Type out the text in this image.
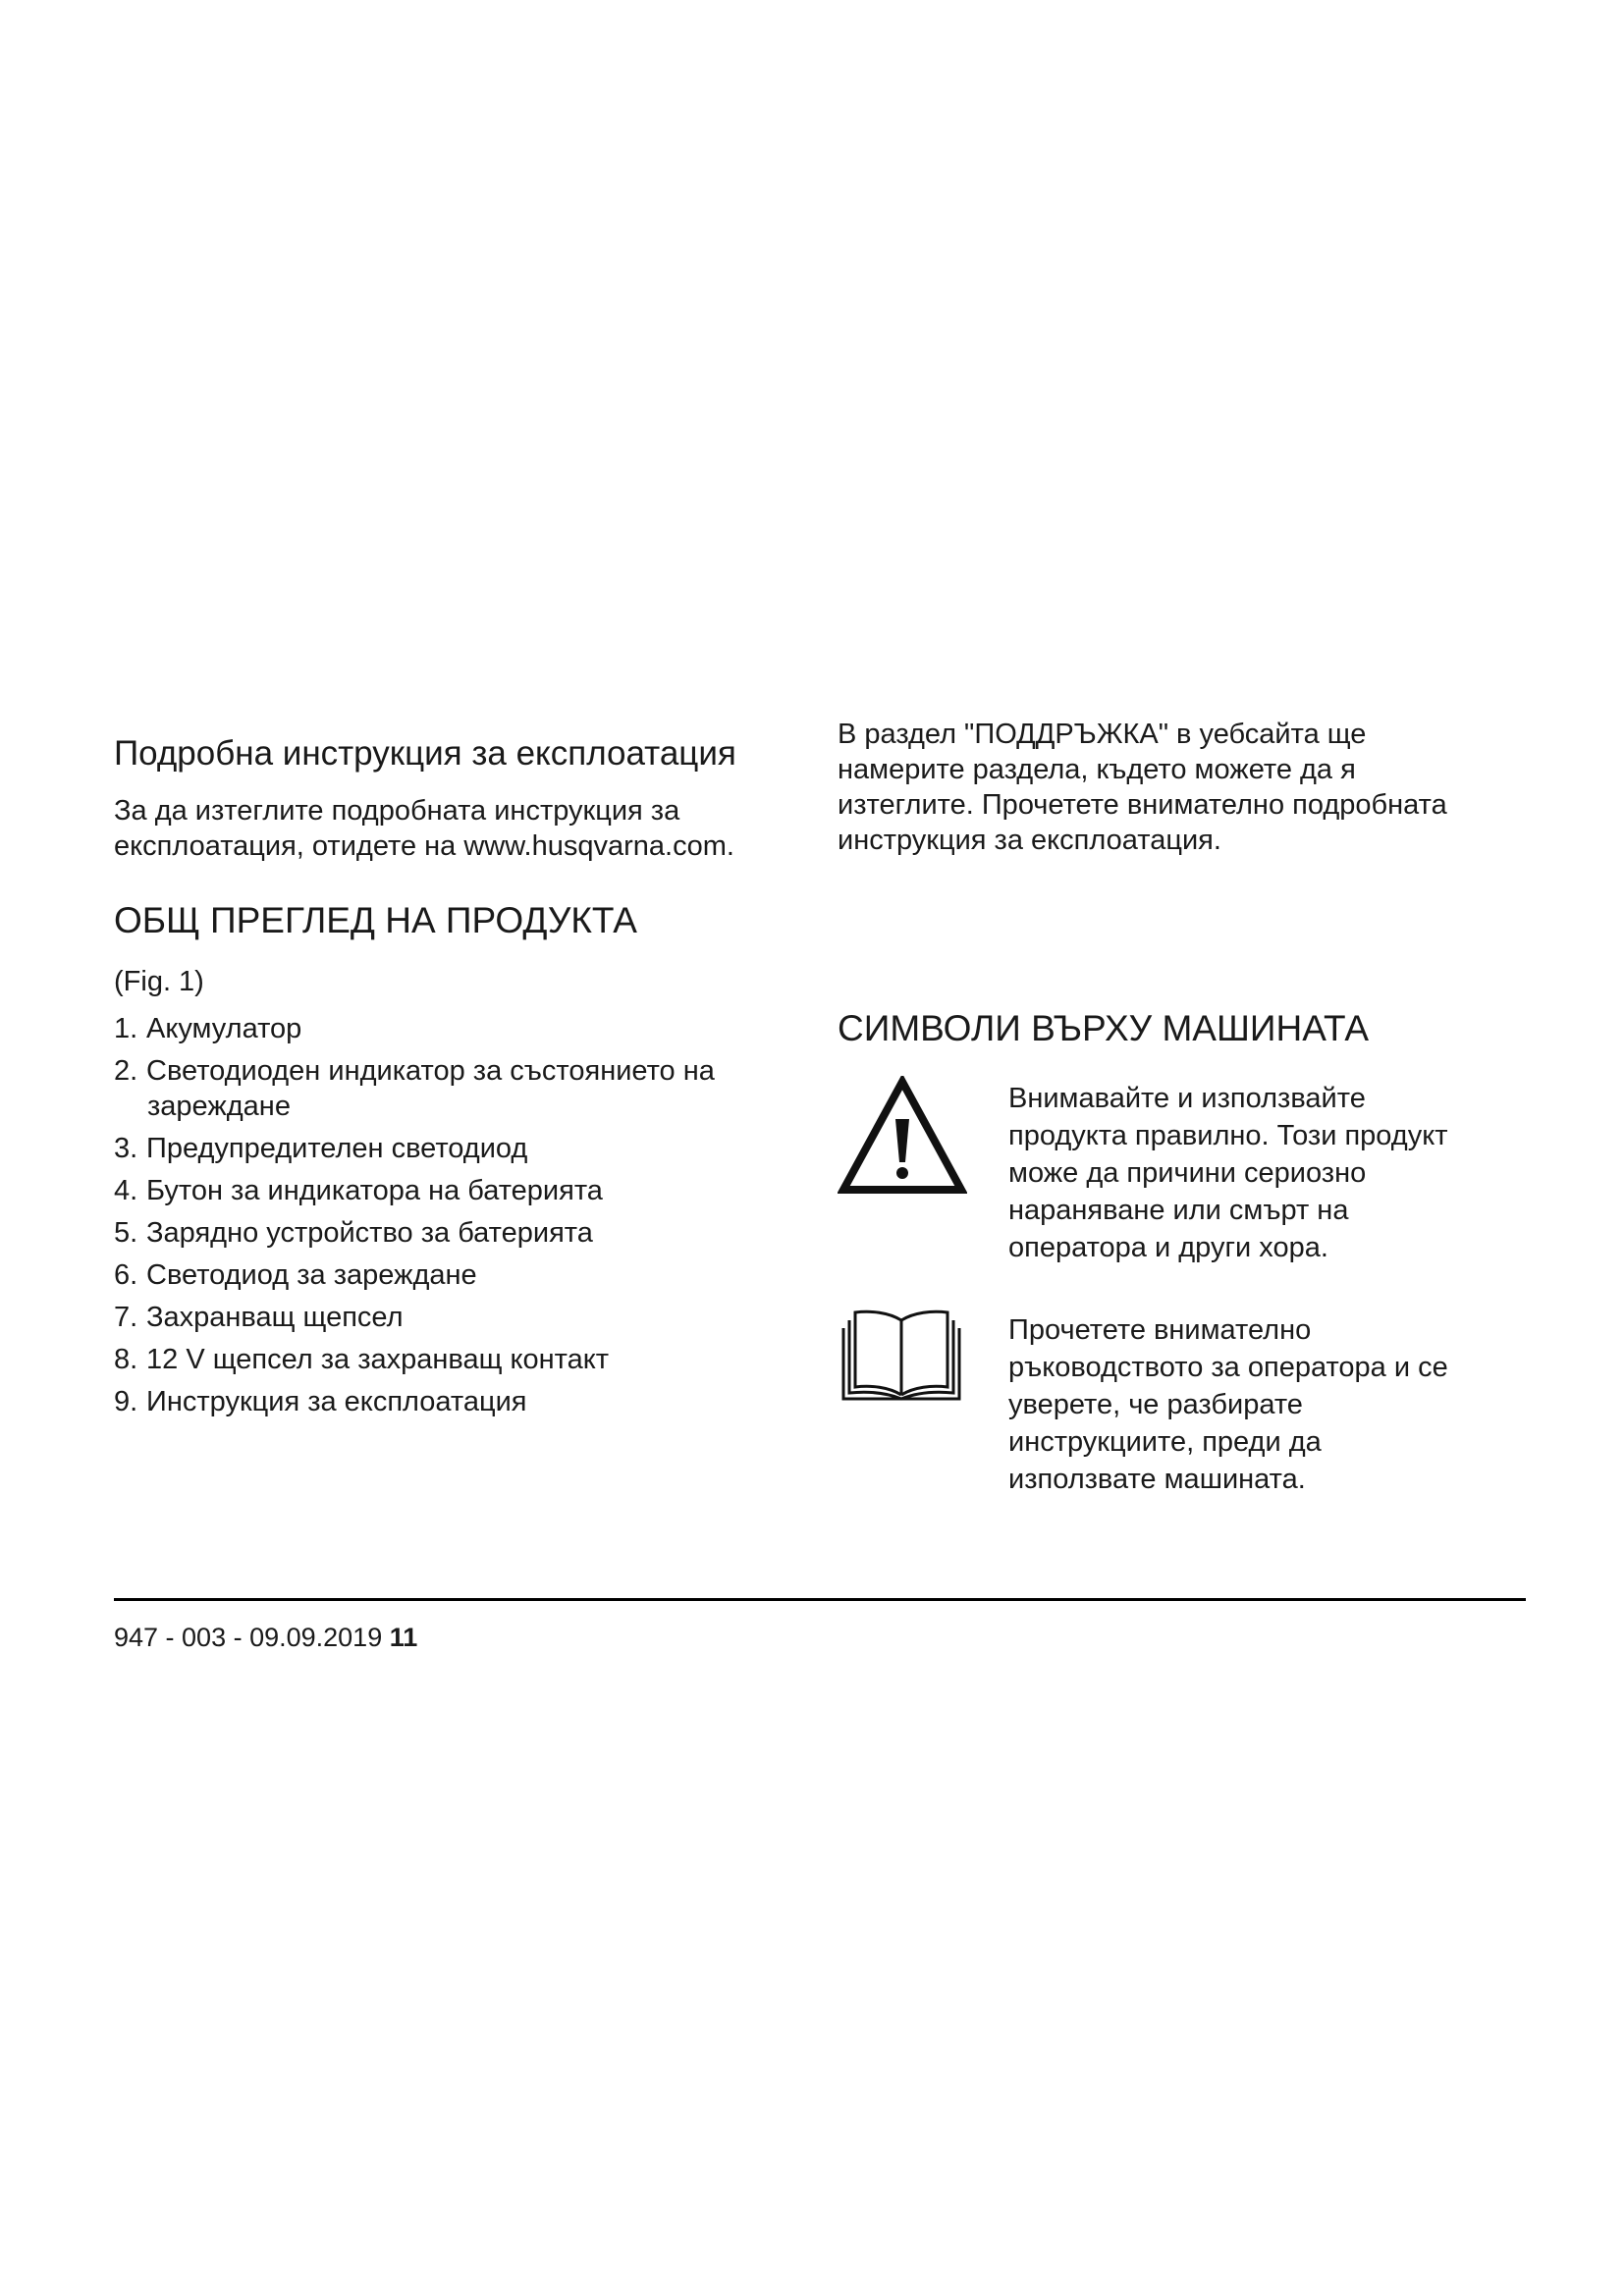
Подробна инструкция за експлоатация
За да изтеглите подробната инструкция за
експлоатация, отидете на www.husqvarna.com.
В раздел "ПОДДРЪЖКА" в уебсайта ще
намерите раздела, където можете да я
изтеглите. Прочетете внимателно подробната
инструкция за експлоатация.
ОБЩ ПРЕГЛЕД НА ПРОДУКТА
(Fig. 1)
1. Акумулатор
2. Светодиоден индикатор за състоянието на
зареждане
3. Предупредителен светодиод
4. Бутон за индикатора на батерията
5. Зарядно устройство за батерията
6. Светодиод за зареждане
7. Захранващ щепсел
8. 12 V щепсел за захранващ контакт
9. Инструкция за експлоатация
СИМВОЛИ ВЪРХУ МАШИНАТА
Внимавайте и използвайте
продукта правилно. Този продукт
може да причини сериозно
нараняване или смърт на
оператора и други хора.
Прочетете внимателно
ръководството за оператора и се
уверете, че разбирате
инструкциите, преди да
използвате машината.
947 - 003 - 09.09.2019 11
